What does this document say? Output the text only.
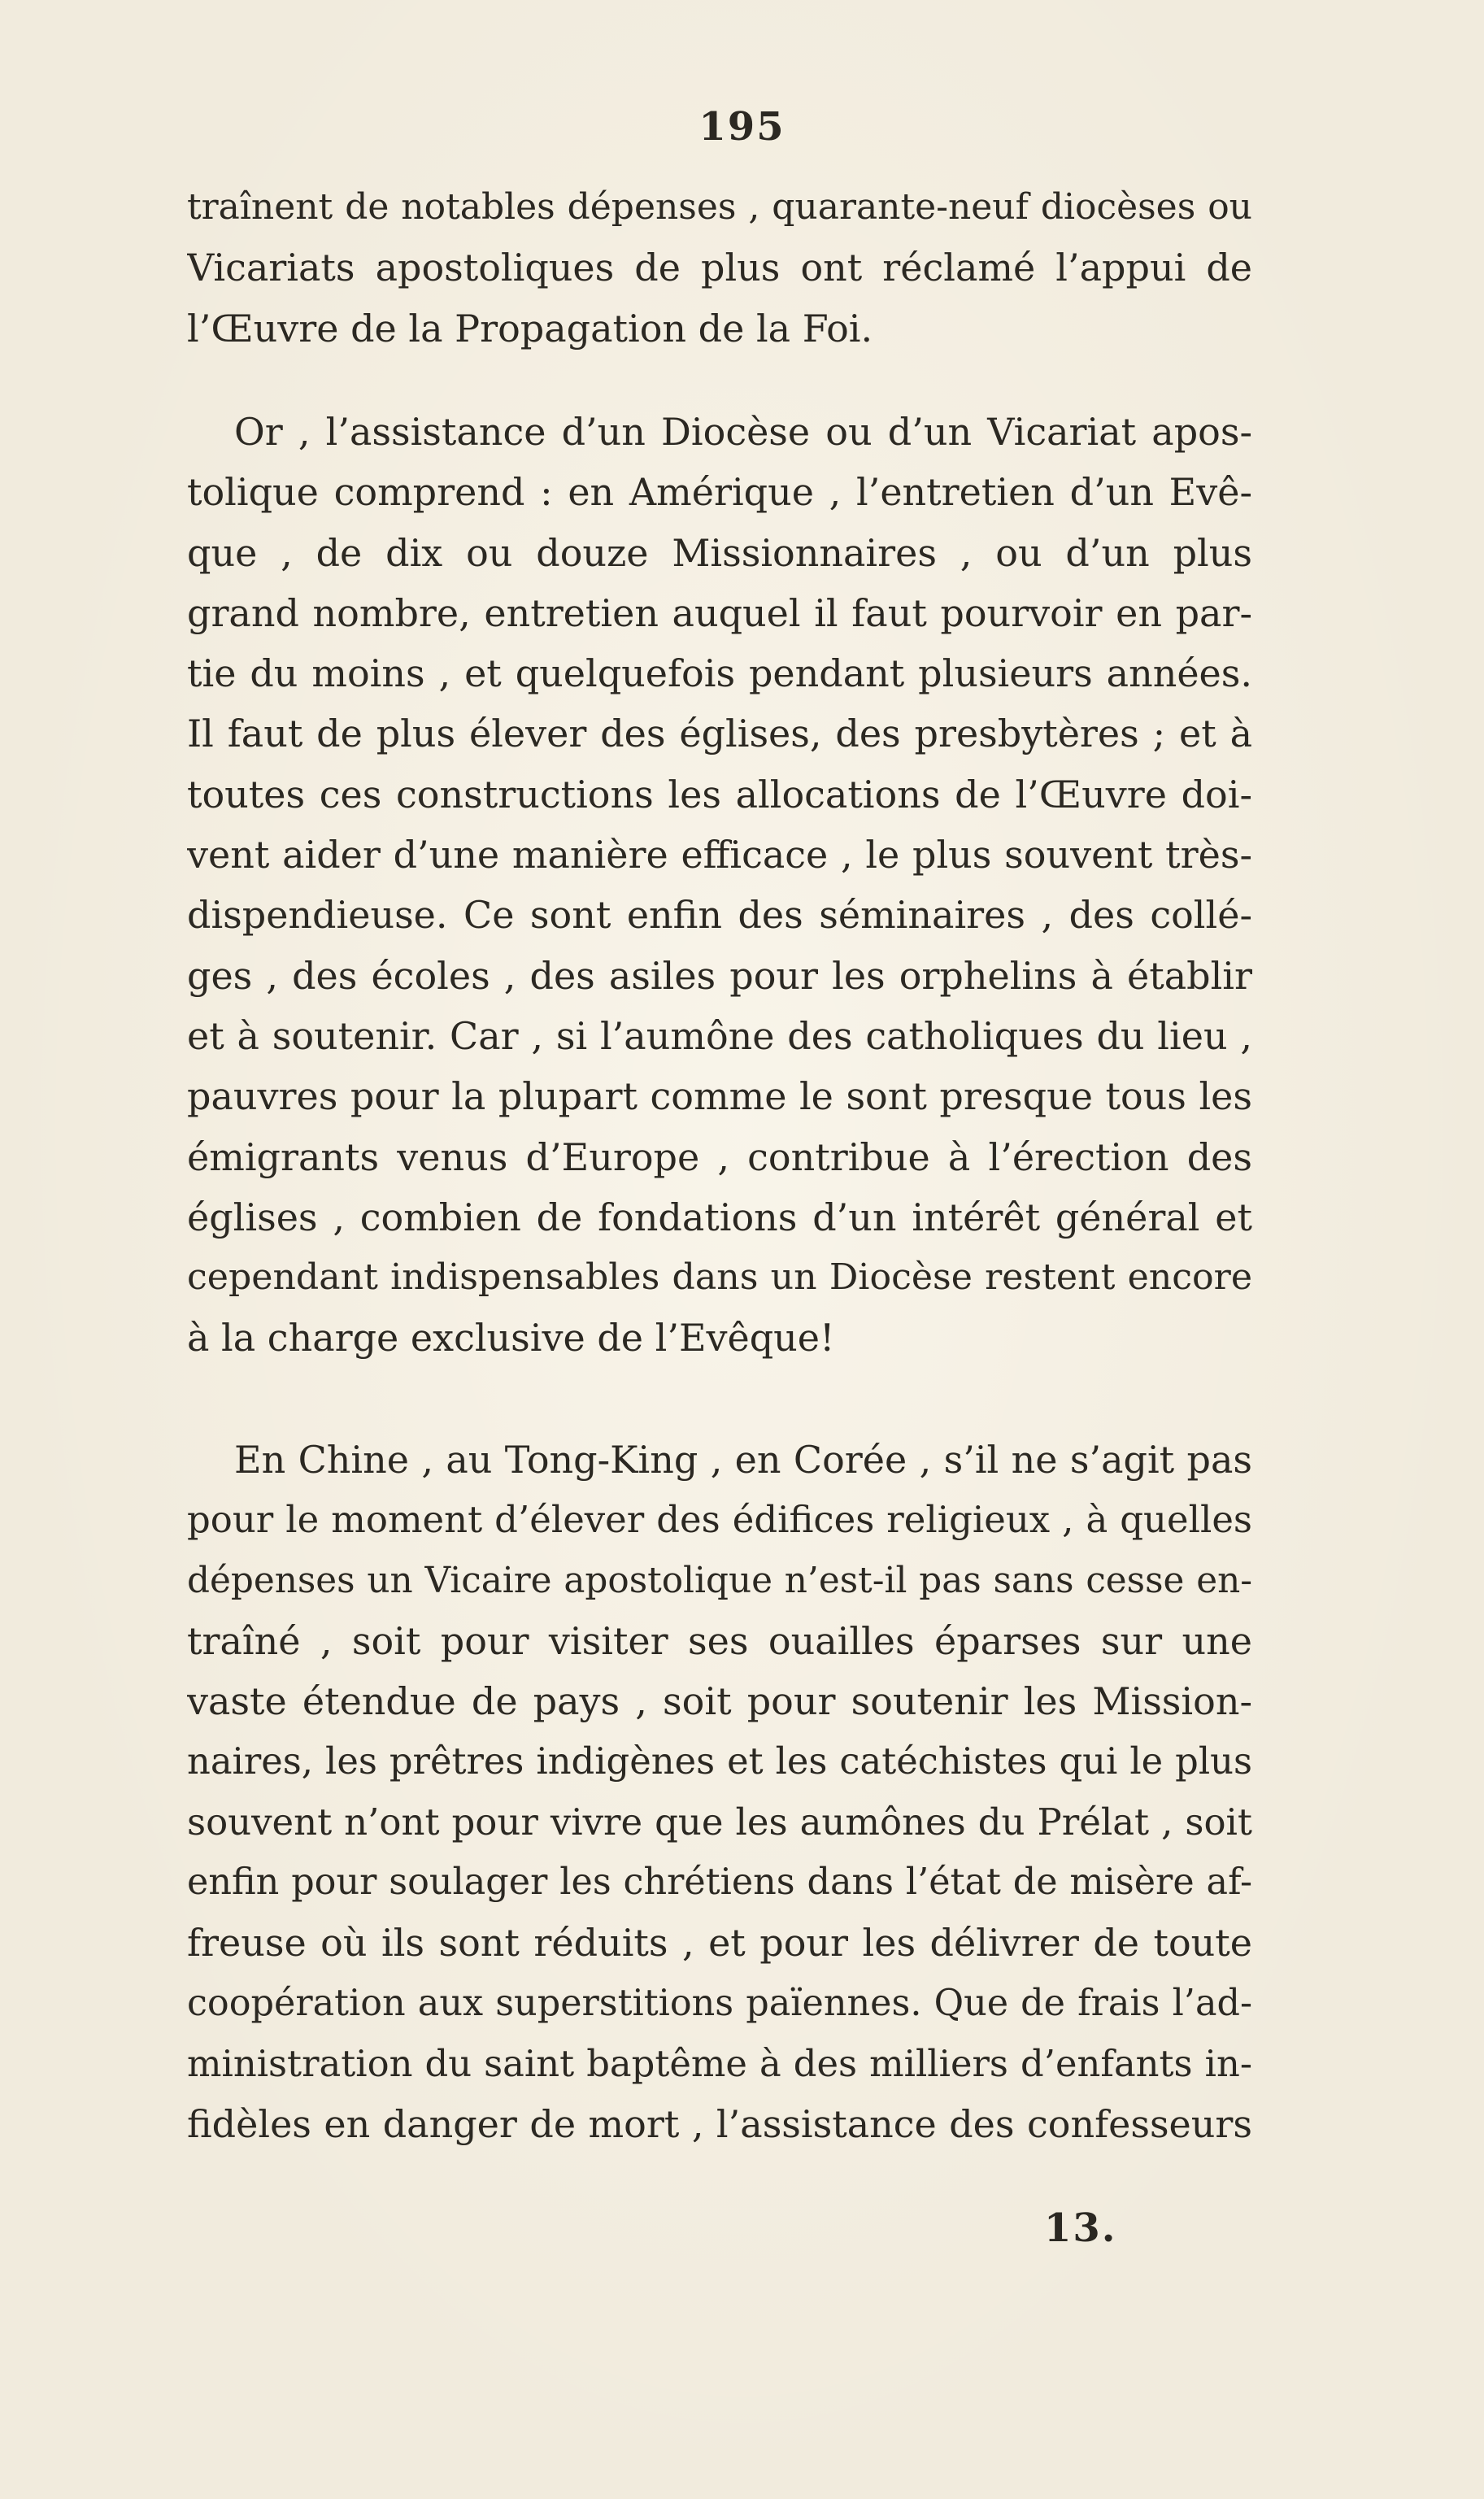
195
traînent de notables dépenses , quarante-neuf diocèses ou
Vicariats apostoliques de plus ont réclamé l’appui de
l’Œuvre de la Propagation de la Foi.
Or , l’assistance d’un Diocèse ou d’un Vicariat apos-
tolique comprend : en Amérique , l’entretien d’un Evê-
que , de dix ou douze Missionnaires , ou d’un plus
grand nombre, entretien auquel il faut pourvoir en par-
tie du moins , et quelquefois pendant plusieurs années.
Il faut de plus élever des églises, des presbytères ; et à
toutes ces constructions les allocations de l’Œuvre doi-
vent aider d’une manière efficace , le plus souvent très-
dispendieuse. Ce sont enfin des séminaires , des collé-
ges , des écoles , des asiles pour les orphelins à établir
et à soutenir. Car , si l’aumône des catholiques du lieu ,
pauvres pour la plupart comme le sont presque tous les
émigrants venus d’Europe , contribue à l’érection des
églises , combien de fondations d’un intérêt général et
cependant indispensables dans un Diocèse restent encore
à la charge exclusive de l’Evêque!
En Chine , au Tong-King , en Corée , s’il ne s’agit pas
pour le moment d’élever des édifices religieux , à quelles
dépenses un Vicaire apostolique n’est-il pas sans cesse en-
traîné , soit pour visiter ses ouailles éparses sur une
vaste étendue de pays , soit pour soutenir les Mission-
naires, les prêtres indigènes et les catéchistes qui le plus
souvent n’ont pour vivre que les aumônes du Prélat , soit
enfin pour soulager les chrétiens dans l’état de misère af-
freuse où ils sont réduits , et pour les délivrer de toute
coopération aux superstitions païennes. Que de frais l’ad-
ministration du saint baptême à des milliers d’enfants in-
fidèles en danger de mort , l’assistance des confesseurs
13.
